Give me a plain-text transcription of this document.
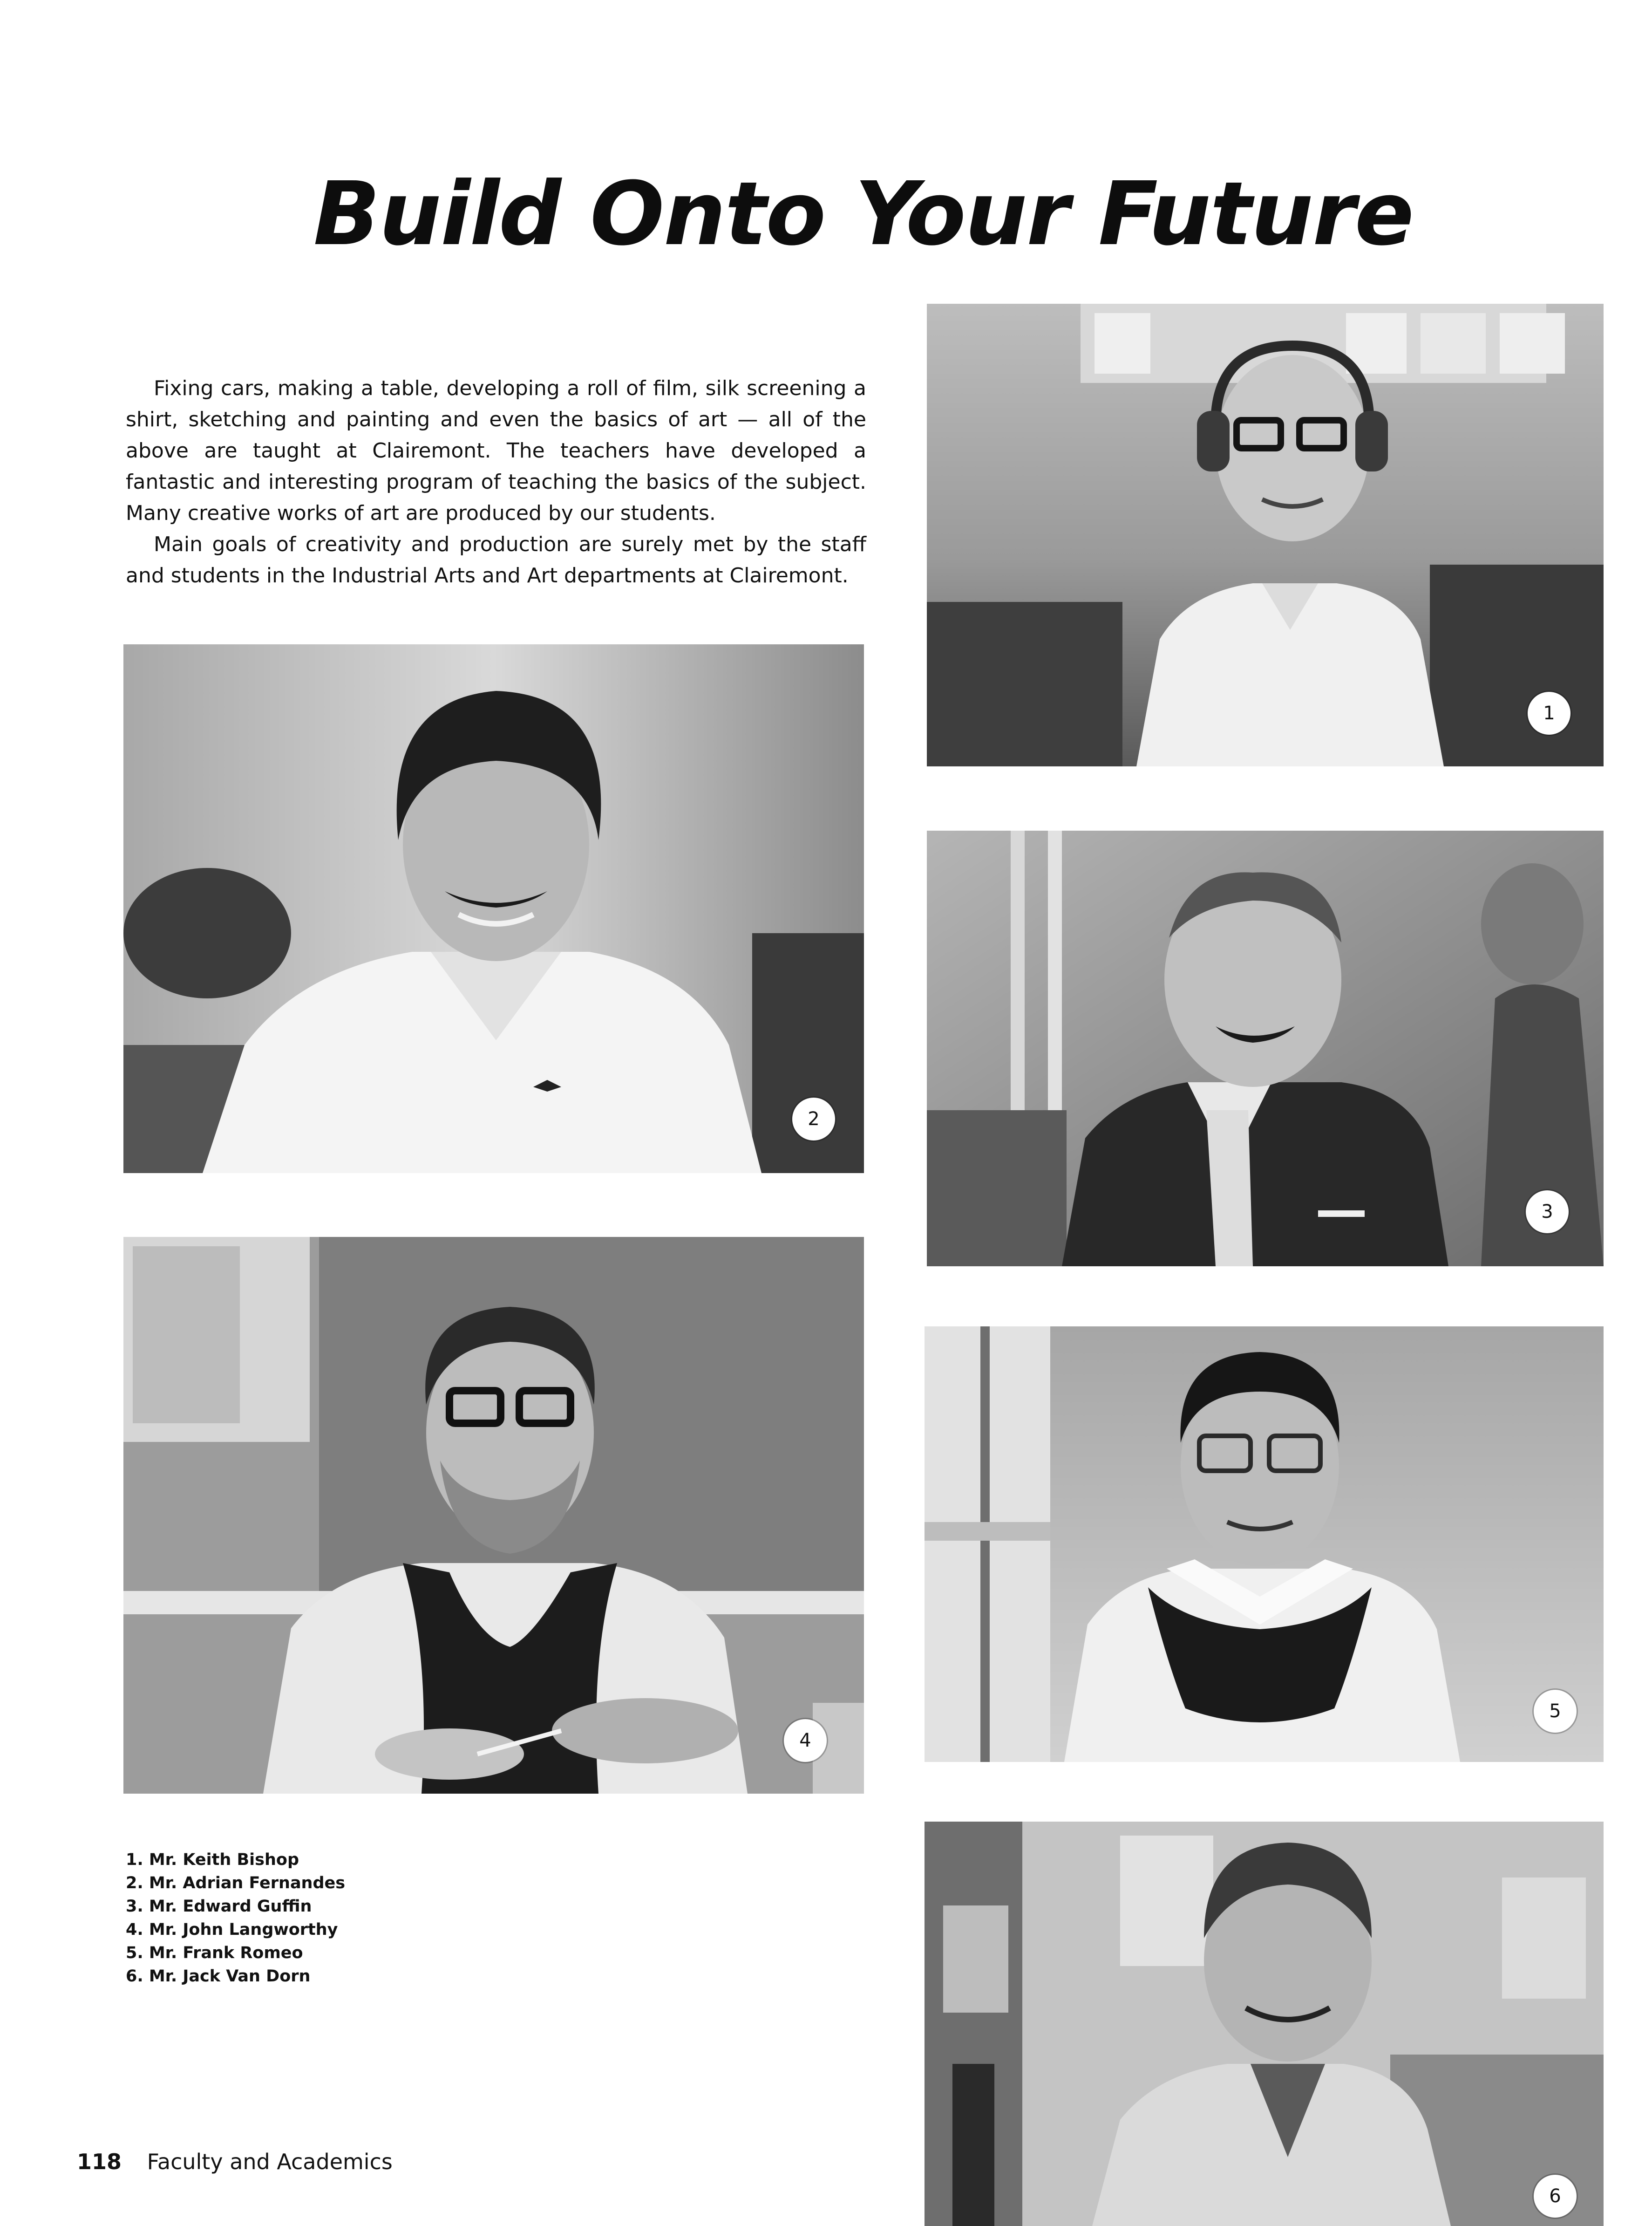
Build Onto Your Future

Fixing cars, making a table, developing a roll of film, silk screening a shirt, sketching and painting and even the basics of art — all of the above are taught at Clairemont. The teachers have developed a fantastic and interesting program of teaching the basics of the subject. Many creative works of art are produced by our students.

Main goals of creativity and production are surely met by the staff and students in the Industrial Arts and Art departments at Clairemont.

1
2
3
4
5
6
1. Mr. Keith Bishop
2. Mr. Adrian Fernandes
3. Mr. Edward Guffin
4. Mr. John Langworthy
5. Mr. Frank Romeo
6. Mr. Jack Van Dorn
118 Faculty and Academics
